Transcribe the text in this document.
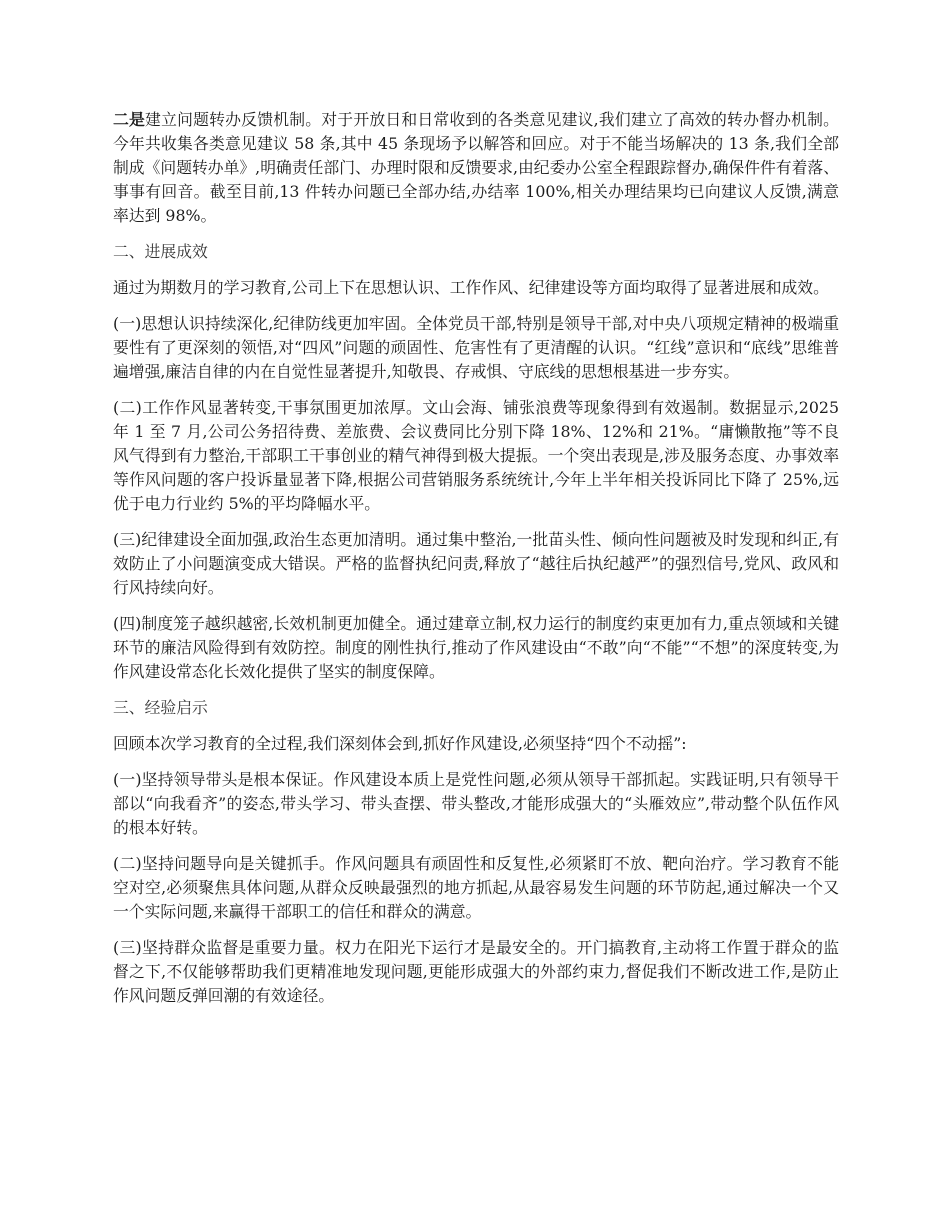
二是建立问题转办反馈机制。对于开放日和日常收到的各类意见建议,我们建立了高效的转办督办机制。今年共收集各类意见建议 58 条,其中 45 条现场予以解答和回应。对于不能当场解决的 13 条,我们全部制成《问题转办单》,明确责任部门、办理时限和反馈要求,由纪委办公室全程跟踪督办,确保件件有着落、事事有回音。截至目前,13 件转办问题已全部办结,办结率 100%,相关办理结果均已向建议人反馈,满意率达到 98%。

二、进展成效

通过为期数月的学习教育,公司上下在思想认识、工作作风、纪律建设等方面均取得了显著进展和成效。

(一)思想认识持续深化,纪律防线更加牢固。全体党员干部,特别是领导干部,对中央八项规定精神的极端重要性有了更深刻的领悟,对“四风”问题的顽固性、危害性有了更清醒的认识。“红线”意识和“底线”思维普遍增强,廉洁自律的内在自觉性显著提升,知敬畏、存戒惧、守底线的思想根基进一步夯实。

(二)工作作风显著转变,干事氛围更加浓厚。文山会海、铺张浪费等现象得到有效遏制。数据显示,2025 年 1 至 7 月,公司公务招待费、差旅费、会议费同比分别下降 18%、12%和 21%。“庸懒散拖”等不良风气得到有力整治,干部职工干事创业的精气神得到极大提振。一个突出表现是,涉及服务态度、办事效率等作风问题的客户投诉量显著下降,根据公司营销服务系统统计,今年上半年相关投诉同比下降了 25%,远优于电力行业约 5%的平均降幅水平。

(三)纪律建设全面加强,政治生态更加清明。通过集中整治,一批苗头性、倾向性问题被及时发现和纠正,有效防止了小问题演变成大错误。严格的监督执纪问责,释放了“越往后执纪越严”的强烈信号,党风、政风和行风持续向好。

(四)制度笼子越织越密,长效机制更加健全。通过建章立制,权力运行的制度约束更加有力,重点领域和关键环节的廉洁风险得到有效防控。制度的刚性执行,推动了作风建设由“不敢”向“不能”“不想”的深度转变,为作风建设常态化长效化提供了坚实的制度保障。

三、经验启示

回顾本次学习教育的全过程,我们深刻体会到,抓好作风建设,必须坚持“四个不动摇”:

(一)坚持领导带头是根本保证。作风建设本质上是党性问题,必须从领导干部抓起。实践证明,只有领导干部以“向我看齐”的姿态,带头学习、带头查摆、带头整改,才能形成强大的“头雁效应”,带动整个队伍作风的根本好转。

(二)坚持问题导向是关键抓手。作风问题具有顽固性和反复性,必须紧盯不放、靶向治疗。学习教育不能空对空,必须聚焦具体问题,从群众反映最强烈的地方抓起,从最容易发生问题的环节防起,通过解决一个又一个实际问题,来赢得干部职工的信任和群众的满意。

(三)坚持群众监督是重要力量。权力在阳光下运行才是最安全的。开门搞教育,主动将工作置于群众的监督之下,不仅能够帮助我们更精准地发现问题,更能形成强大的外部约束力,督促我们不断改进工作,是防止作风问题反弹回潮的有效途径。
